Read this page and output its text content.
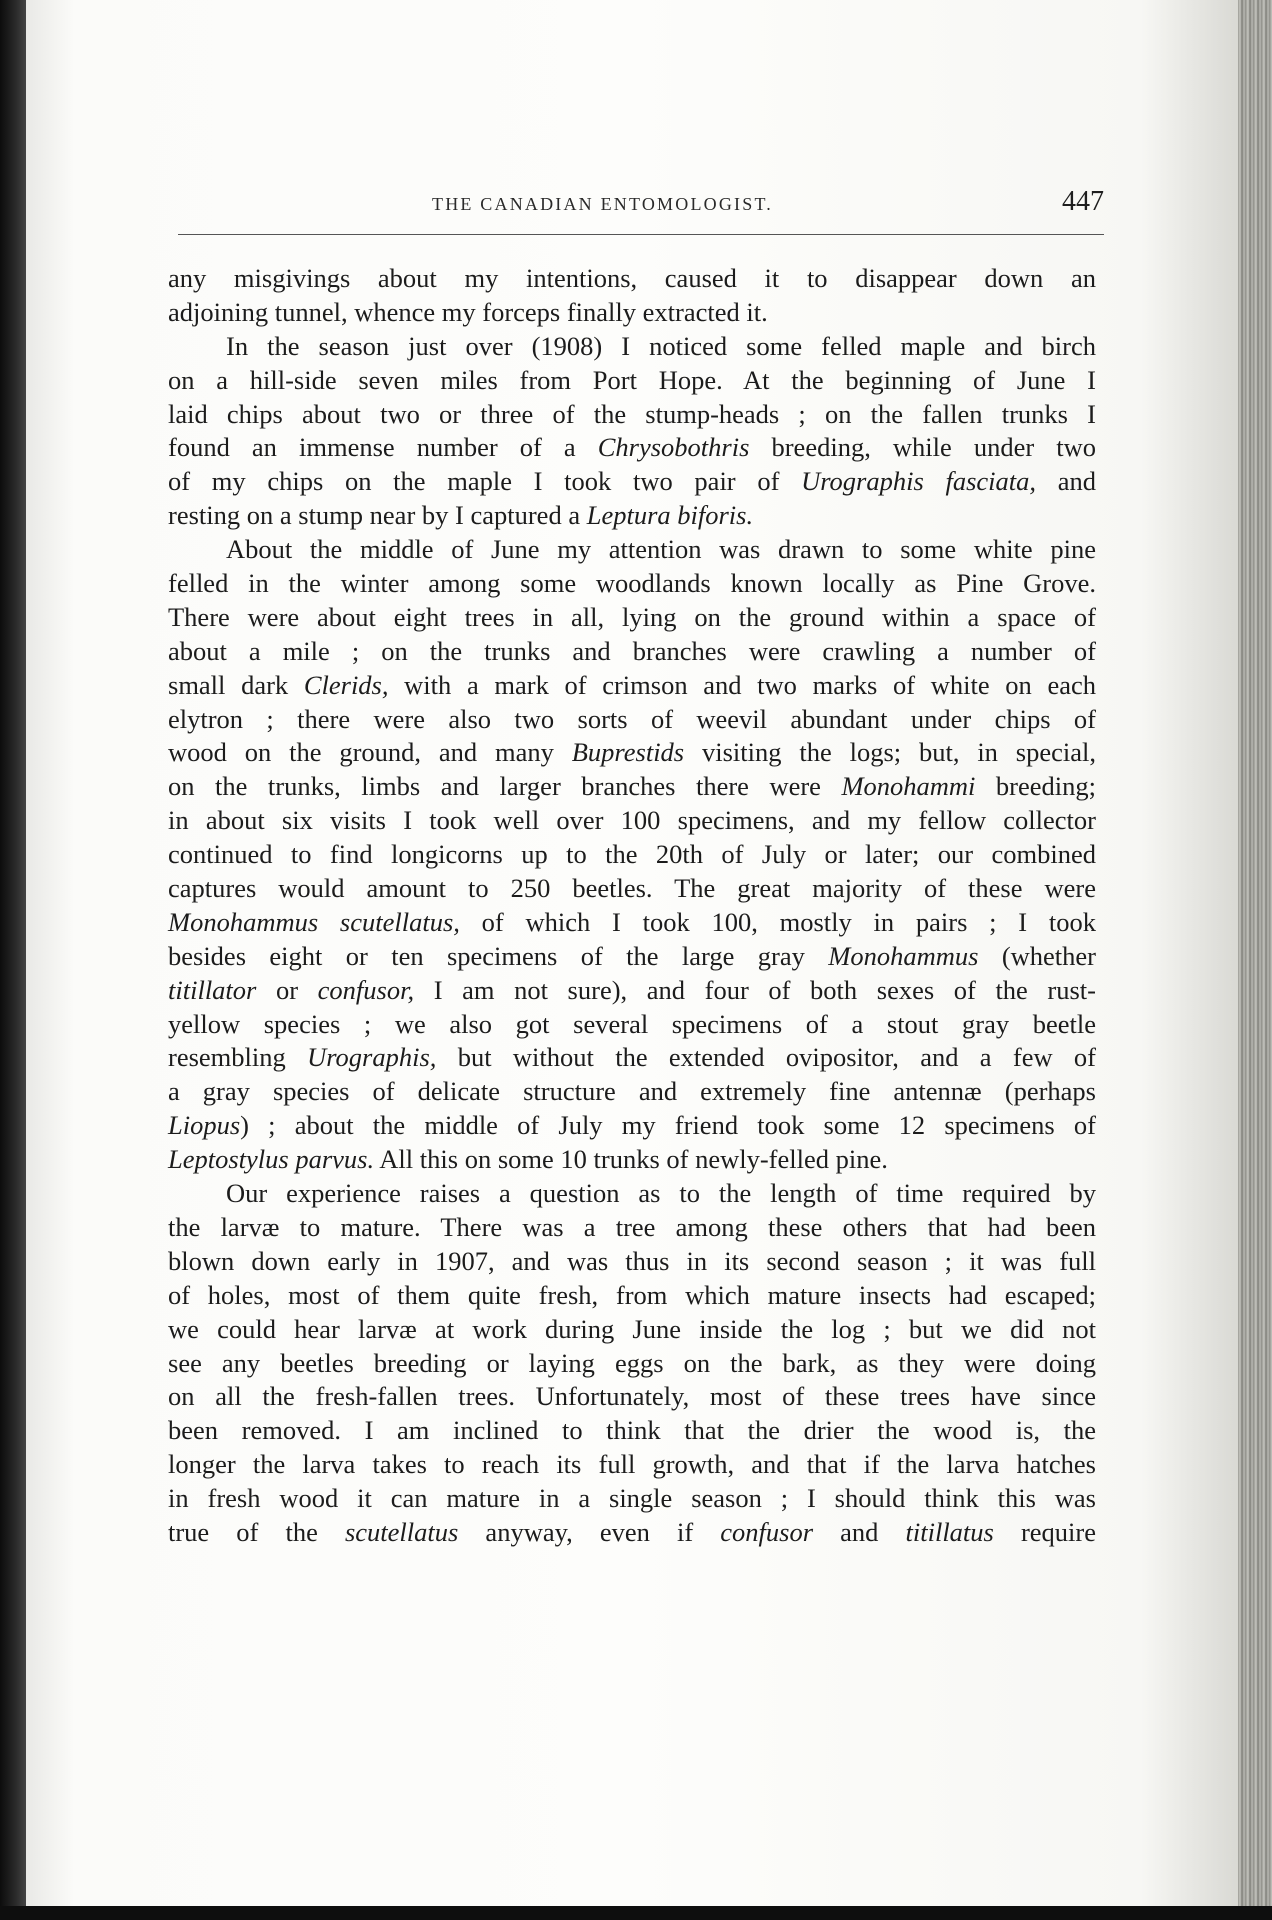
THE CANADIAN ENTOMOLOGIST.	447
any misgivings about my intentions, caused it to disappear down an
adjoining tunnel, whence my forceps finally extracted it.
In the season just over (1908) I noticed some felled maple and birch
on a hill-side seven miles from Port Hope. At the beginning of June I
laid chips about two or three of the stump-heads ; on the fallen trunks I
found an immense number of a Chrysobothris breeding, while under two
of my chips on the maple I took two pair of Urographis fasciata, and
resting on a stump near by I captured a Leptura biforis.
About the middle of June my attention was drawn to some white pine
felled in the winter among some woodlands known locally as Pine Grove.
There were about eight trees in all, lying on the ground within a space of
about a mile ; on the trunks and branches were crawling a number of
small dark Clerids, with a mark of crimson and two marks of white on each
elytron ; there were also two sorts of weevil abundant under chips of
wood on the ground, and many Buprestids visiting the logs; but, in special,
on the trunks, limbs and larger branches there were Monohammi breeding;
in about six visits I took well over 100 specimens, and my fellow collector
continued to find longicorns up to the 20th of July or later; our combined
captures would amount to 250 beetles. The great majority of these were
Monohammus scutellatus, of which I took 100, mostly in pairs ; I took
besides eight or ten specimens of the large gray Monohammus (whether
titillator or confusor, I am not sure), and four of both sexes of the rust-
yellow species ; we also got several specimens of a stout gray beetle
resembling Urographis, but without the extended ovipositor, and a few of
a gray species of delicate structure and extremely fine antennæ (perhaps
Liopus) ; about the middle of July my friend took some 12 specimens of
Leptostylus parvus. All this on some 10 trunks of newly-felled pine.
Our experience raises a question as to the length of time required by
the larvæ to mature. There was a tree among these others that had been
blown down early in 1907, and was thus in its second season ; it was full
of holes, most of them quite fresh, from which mature insects had escaped;
we could hear larvæ at work during June inside the log ; but we did not
see any beetles breeding or laying eggs on the bark, as they were doing
on all the fresh-fallen trees. Unfortunately, most of these trees have since
been removed. I am inclined to think that the drier the wood is, the
longer the larva takes to reach its full growth, and that if the larva hatches
in fresh wood it can mature in a single season ; I should think this was
true of the scutellatus anyway, even if confusor and titillatus require
